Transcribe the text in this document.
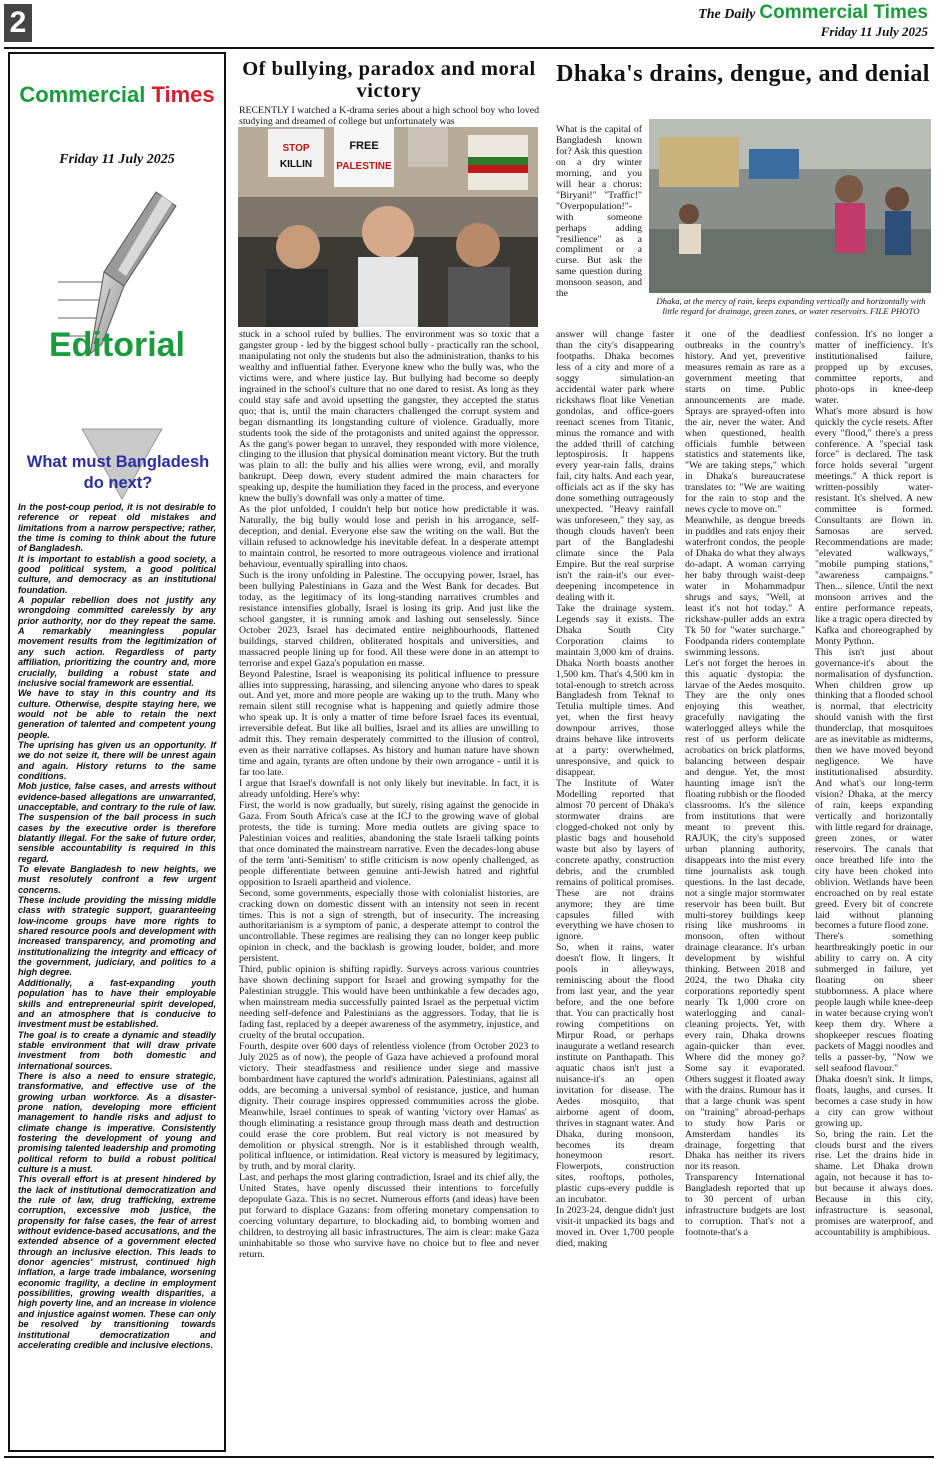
2	The Daily Commercial Times
Friday 11 July 2025
Commercial Times
Friday 11 July 2025
Editorial
What must Bangladesh do next?

In the post-coup period, it is not desirable to reference or repeat old mistakes and limitations from a narrow perspective; rather, the time is coming to think about the future of Bangladesh.

It is important to establish a good society, a good political system, a good political culture, and democracy as an institutional foundation.

A popular rebellion does not justify any wrongdoing committed carelessly by any prior authority, nor do they repeat the same. A remarkably meaningless popular movement results from the legitimization of any such action. Regardless of party affiliation, prioritizing the country and, more crucially, building a robust state and inclusive social framework are essential.

We have to stay in this country and its culture. Otherwise, despite staying here, we would not be able to retain the next generation of talented and competent young people.

The uprising has given us an opportunity. If we do not seize it, there will be unrest again and again. History returns to the same conditions.

Mob justice, false cases, and arrests without evidence-based allegations are unwarranted, unacceptable, and contrary to the rule of law. The suspension of the bail process in such cases by the executive order is therefore blatantly illegal. For the sake of future order, sensible accountability is required in this regard.

To elevate Bangladesh to new heights, we must resolutely confront a few urgent concerns.

These include providing the missing middle class with strategic support, guaranteeing low-income groups have more rights to shared resource pools and development with increased transparency, and promoting and institutionalizing the integrity and efficacy of the government, judiciary, and politics to a high degree.

Additionally, a fast-expanding youth population has to have their employable skills and entrepreneurial spirit developed, and an atmosphere that is conducive to investment must be established.

The goal is to create a dynamic and steadily stable environment that will draw private investment from both domestic and international sources.

There is also a need to ensure strategic, transformative, and effective use of the growing urban workforce. As a disaster-prone nation, developing more efficient management to handle risks and adjust to climate change is imperative. Consistently fostering the development of young and promising talented leadership and promoting political reform to build a robust political culture is a must.

This overall effort is at present hindered by the lack of institutional democratization and the rule of law, drug trafficking, extreme corruption, excessive mob justice, the propensity for false cases, the fear of arrest without evidence-based accusations, and the extended absence of a government elected through an inclusive election. This leads to donor agencies' mistrust, continued high inflation, a large trade imbalance, worsening economic fragility, a decline in employment possibilities, growing wealth disparities, a high poverty line, and an increase in violence and injustice against women. These can only be resolved by transitioning towards institutional democratization and accelerating credible and inclusive elections.

Of bullying, paradox and moral victory
RECENTLY I watched a K-drama series about a high school boy who loved studying and dreamed of college but unfortunately was
STOP
KILLIN
FREE
PALESTINE

stuck in a school ruled by bullies. The environment was so toxic that a gangster group - led by the biggest school bully - practically ran the school, manipulating not only the students but also the administration, thanks to his wealthy and influential father. Everyone knew who the bully was, who the victims were, and where justice lay. But bullying had become so deeply ingrained in the school's culture that no one dared to resist. As long as they could stay safe and avoid upsetting the gangster, they accepted the status quo; that is, until the main characters challenged the corrupt system and began dismantling its longstanding culture of violence. Gradually, more students took the side of the protagonists and united against the oppressor. As the gang's power began to unravel, they responded with more violence, clinging to the illusion that physical domination meant victory. But the truth was plain to all: the bully and his allies were wrong, evil, and morally bankrupt. Deep down, every student admired the main characters for speaking up, despite the humiliation they faced in the process, and everyone knew the bully's downfall was only a matter of time.

As the plot unfolded, I couldn't help but notice how predictable it was. Naturally, the big bully would lose and perish in his arrogance, self-deception, and denial. Everyone else saw the writing on the wall. But the villain refused to acknowledge his inevitable defeat. In a desperate attempt to maintain control, he resorted to more outrageous violence and irrational behaviour, eventually spiralling into chaos.

Such is the irony unfolding in Palestine. The occupying power, Israel, has been bullying Palestinians in Gaza and the West Bank for decades. But today, as the legitimacy of its long-standing narratives crumbles and resistance intensifies globally, Israel is losing its grip. And just like the school gangster, it is running amok and lashing out senselessly. Since October 2023, Israel has decimated entire neighbourhoods, flattened buildings, starved children, obliterated hospitals and universities, and massacred people lining up for food. All these were done in an attempt to terrorise and expel Gaza's population en masse.

Beyond Palestine, Israel is weaponising its political influence to pressure allies into suppressing, harassing, and silencing anyone who dares to speak out. And yet, more and more people are waking up to the truth. Many who remain silent still recognise what is happening and quietly admire those who speak up. It is only a matter of time before Israel faces its eventual, irreversible defeat. But like all bullies, Israel and its allies are unwilling to admit this. They remain desperately committed to the illusion of control, even as their narrative collapses. As history and human nature have shown time and again, tyrants are often undone by their own arrogance - until it is far too late.

I argue that Israel's downfall is not only likely but inevitable. In fact, it is already unfolding. Here's why:

First, the world is now gradually, but surely, rising against the genocide in Gaza. From South Africa's case at the ICJ to the growing wave of global protests, the tide is turning. More media outlets are giving space to Palestinian voices and realities, abandoning the stale Israeli talking points that once dominated the mainstream narrative. Even the decades-long abuse of the term 'anti-Semitism' to stifle criticism is now openly challenged, as people differentiate between genuine anti-Jewish hatred and rightful opposition to Israeli apartheid and violence.

Second, some governments, especially those with colonialist histories, are cracking down on domestic dissent with an intensity not seen in recent times. This is not a sign of strength, but of insecurity. The increasing authoritarianism is a symptom of panic, a desperate attempt to control the uncontrollable. These regimes are realising they can no longer keep public opinion in check, and the backlash is growing louder, bolder, and more persistent.

Third, public opinion is shifting rapidly. Surveys across various countries have shown declining support for Israel and growing sympathy for the Palestinian struggle. This would have been unthinkable a few decades ago, when mainstream media successfully painted Israel as the perpetual victim needing self-defence and Palestinians as the aggressors. Today, that lie is fading fast, replaced by a deeper awareness of the asymmetry, injustice, and cruelty of the brutal occupation.

Fourth, despite over 600 days of relentless violence (from October 2023 to July 2025 as of now), the people of Gaza have achieved a profound moral victory. Their steadfastness and resilience under siege and massive bombardment have captured the world's admiration. Palestinians, against all odds, are becoming a universal symbol of resistance, justice, and human dignity. Their courage inspires oppressed communities across the globe. Meanwhile, Israel continues to speak of wanting 'victory over Hamas' as though eliminating a resistance group through mass death and destruction could erase the core problem. But real victory is not measured by demolition or physical strength. Nor is it established through wealth, political influence, or intimidation. Real victory is measured by legitimacy, by truth, and by moral clarity.

Last, and perhaps the most glaring contradiction, Israel and its chief ally, the United States, have openly discussed their intentions to forcefully depopulate Gaza. This is no secret. Numerous efforts (and ideas) have been put forward to displace Gazans: from offering monetary compensation to coercing voluntary departure, to blockading aid, to bombing women and children, to destroying all basic infrastructures. The aim is clear: make Gaza uninhabitable so those who survive have no choice but to flee and never return.

Dhaka's drains, dengue, and denial
Dhaka, at the mercy of rain, keeps expanding vertically and horizontally with little regard for drainage, green zones, or water reservoirs. FILE PHOTO
What is the capital of Bangladesh known for? Ask this question on a dry winter morning, and you will hear a chorus: "Biryani!" "Traffic!" "Overpopulation!"-with someone perhaps adding "resilience" as a compliment or a curse. But ask the same question during monsoon season, and the

answer will change faster than the city's disappearing footpaths. Dhaka becomes less of a city and more of a soggy simulation-an accidental water park where rickshaws float like Venetian gondolas, and office-goers reenact scenes from Titanic, minus the romance and with the added thrill of catching leptospirosis. It happens every year-rain falls, drains fail, city halts. And each year, officials act as if the sky has done something outrageously unexpected. "Heavy rainfall was unforeseen," they say, as though clouds haven't been part of the Bangladeshi climate since the Pala Empire. But the real surprise isn't the rain-it's our ever-deepening incompetence in dealing with it.

Take the drainage system. Legends say it exists. The Dhaka South City Corporation claims to maintain 3,000 km of drains. Dhaka North boasts another 1,500 km. That's 4,500 km in total-enough to stretch across Bangladesh from Teknaf to Tetulia multiple times. And yet, when the first heavy downpour arrives, those drains behave like introverts at a party: overwhelmed, unresponsive, and quick to disappear.

The Institute of Water Modelling reported that almost 70 percent of Dhaka's stormwater drains are clogged-choked not only by plastic bags and household waste but also by layers of concrete apathy, construction debris, and the crumbled remains of political promises. These are not drains anymore; they are time capsules filled with everything we have chosen to ignore.

So, when it rains, water doesn't flow. It lingers. It pools in alleyways, reminiscing about the flood from last year, and the year before, and the one before that. You can practically host rowing competitions on Mirpur Road, or perhaps inaugurate a wetland research institute on Panthapath. This aquatic chaos isn't just a nuisance-it's an open invitation for disease. The Aedes mosquito, that airborne agent of doom, thrives in stagnant water. And Dhaka, during monsoon, becomes its dream honeymoon resort. Flowerpots, construction sites, rooftops, potholes, plastic cups-every puddle is an incubator.

In 2023-24, dengue didn't just visit-it unpacked its bags and moved in. Over 1,700 people died, making

it one of the deadliest outbreaks in the country's history. And yet, preventive measures remain as rare as a government meeting that starts on time. Public announcements are made. Sprays are sprayed-often into the air, never the water. And when questioned, health officials fumble between statistics and statements like, "We are taking steps," which in Dhaka's bureaucratese translates to: "We are waiting for the rain to stop and the news cycle to move on."

Meanwhile, as dengue breeds in puddles and rats enjoy their waterfront condos, the people of Dhaka do what they always do-adapt. A woman carrying her baby through waist-deep water in Mohammadpur shrugs and says, "Well, at least it's not hot today." A rickshaw-puller adds an extra Tk 50 for "water surcharge." Foodpanda riders contemplate swimming lessons.

Let's not forget the heroes in this aquatic dystopia: the larvae of the Aedes mosquito. They are the only ones enjoying this weather, gracefully navigating the waterlogged alleys while the rest of us perform delicate acrobatics on brick platforms, balancing between despair and dengue. Yet, the most haunting image isn't the floating rubbish or the flooded classrooms. It's the silence from institutions that were meant to prevent this. RAJUK, the city's supposed urban planning authority, disappears into the mist every time journalists ask tough questions. In the last decade, not a single major stormwater reservoir has been built. But multi-storey buildings keep rising like mushrooms in monsoon, often without drainage clearance. It's urban development by wishful thinking. Between 2018 and 2024, the two Dhaka city corporations reportedly spent nearly Tk 1,000 crore on waterlogging and canal-cleaning projects. Yet, with every rain, Dhaka drowns again-quicker than ever. Where did the money go? Some say it evaporated. Others suggest it floated away with the drains. Rumour has it that a large chunk was spent on "training" abroad-perhaps to study how Paris or Amsterdam handles its drainage, forgetting that Dhaka has neither its rivers nor its reason.

Transparency International Bangladesh reported that up to 30 percent of urban infrastructure budgets are lost to corruption. That's not a footnote-that's a

confession. It's no longer a matter of inefficiency. It's institutionalised failure, propped up by excuses, committee reports, and photo-ops in knee-deep water.

What's more absurd is how quickly the cycle resets. After every "flood," there's a press conference. A "special task force" is declared. The task force holds several "urgent meetings." A thick report is written-possibly water-resistant. It's shelved. A new committee is formed. Consultants are flown in. Samosas are served. Recommendations are made: "elevated walkways," "mobile pumping stations," "awareness campaigns." Then... silence. Until the next monsoon arrives and the entire performance repeats, like a tragic opera directed by Kafka and choreographed by Monty Python.

This isn't just about governance-it's about the normalisation of dysfunction. When children grow up thinking that a flooded school is normal, that electricity should vanish with the first thunderclap, that mosquitoes are as inevitable as midterms, then we have moved beyond negligence. We have institutionalised absurdity. And what's our long-term vision? Dhaka, at the mercy of rain, keeps expanding vertically and horizontally with little regard for drainage, green zones, or water reservoirs. The canals that once breathed life into the city have been choked into oblivion. Wetlands have been encroached on by real estate greed. Every bit of concrete laid without planning becomes a future flood zone.

There's something heartbreakingly poetic in our ability to carry on. A city submerged in failure, yet floating on sheer stubbornness. A place where people laugh while knee-deep in water because crying won't keep them dry. Where a shopkeeper rescues floating packets of Maggi noodles and tells a passer-by, "Now we sell seafood flavour."

Dhaka doesn't sink. It limps, floats, laughs, and curses. It becomes a case study in how a city can grow without growing up.

So, bring the rain. Let the clouds burst and the rivers rise. Let the drains hide in shame. Let Dhaka drown again, not because it has to-but because it always does. Because in this city, infrastructure is seasonal, promises are waterproof, and accountability is amphibious.
